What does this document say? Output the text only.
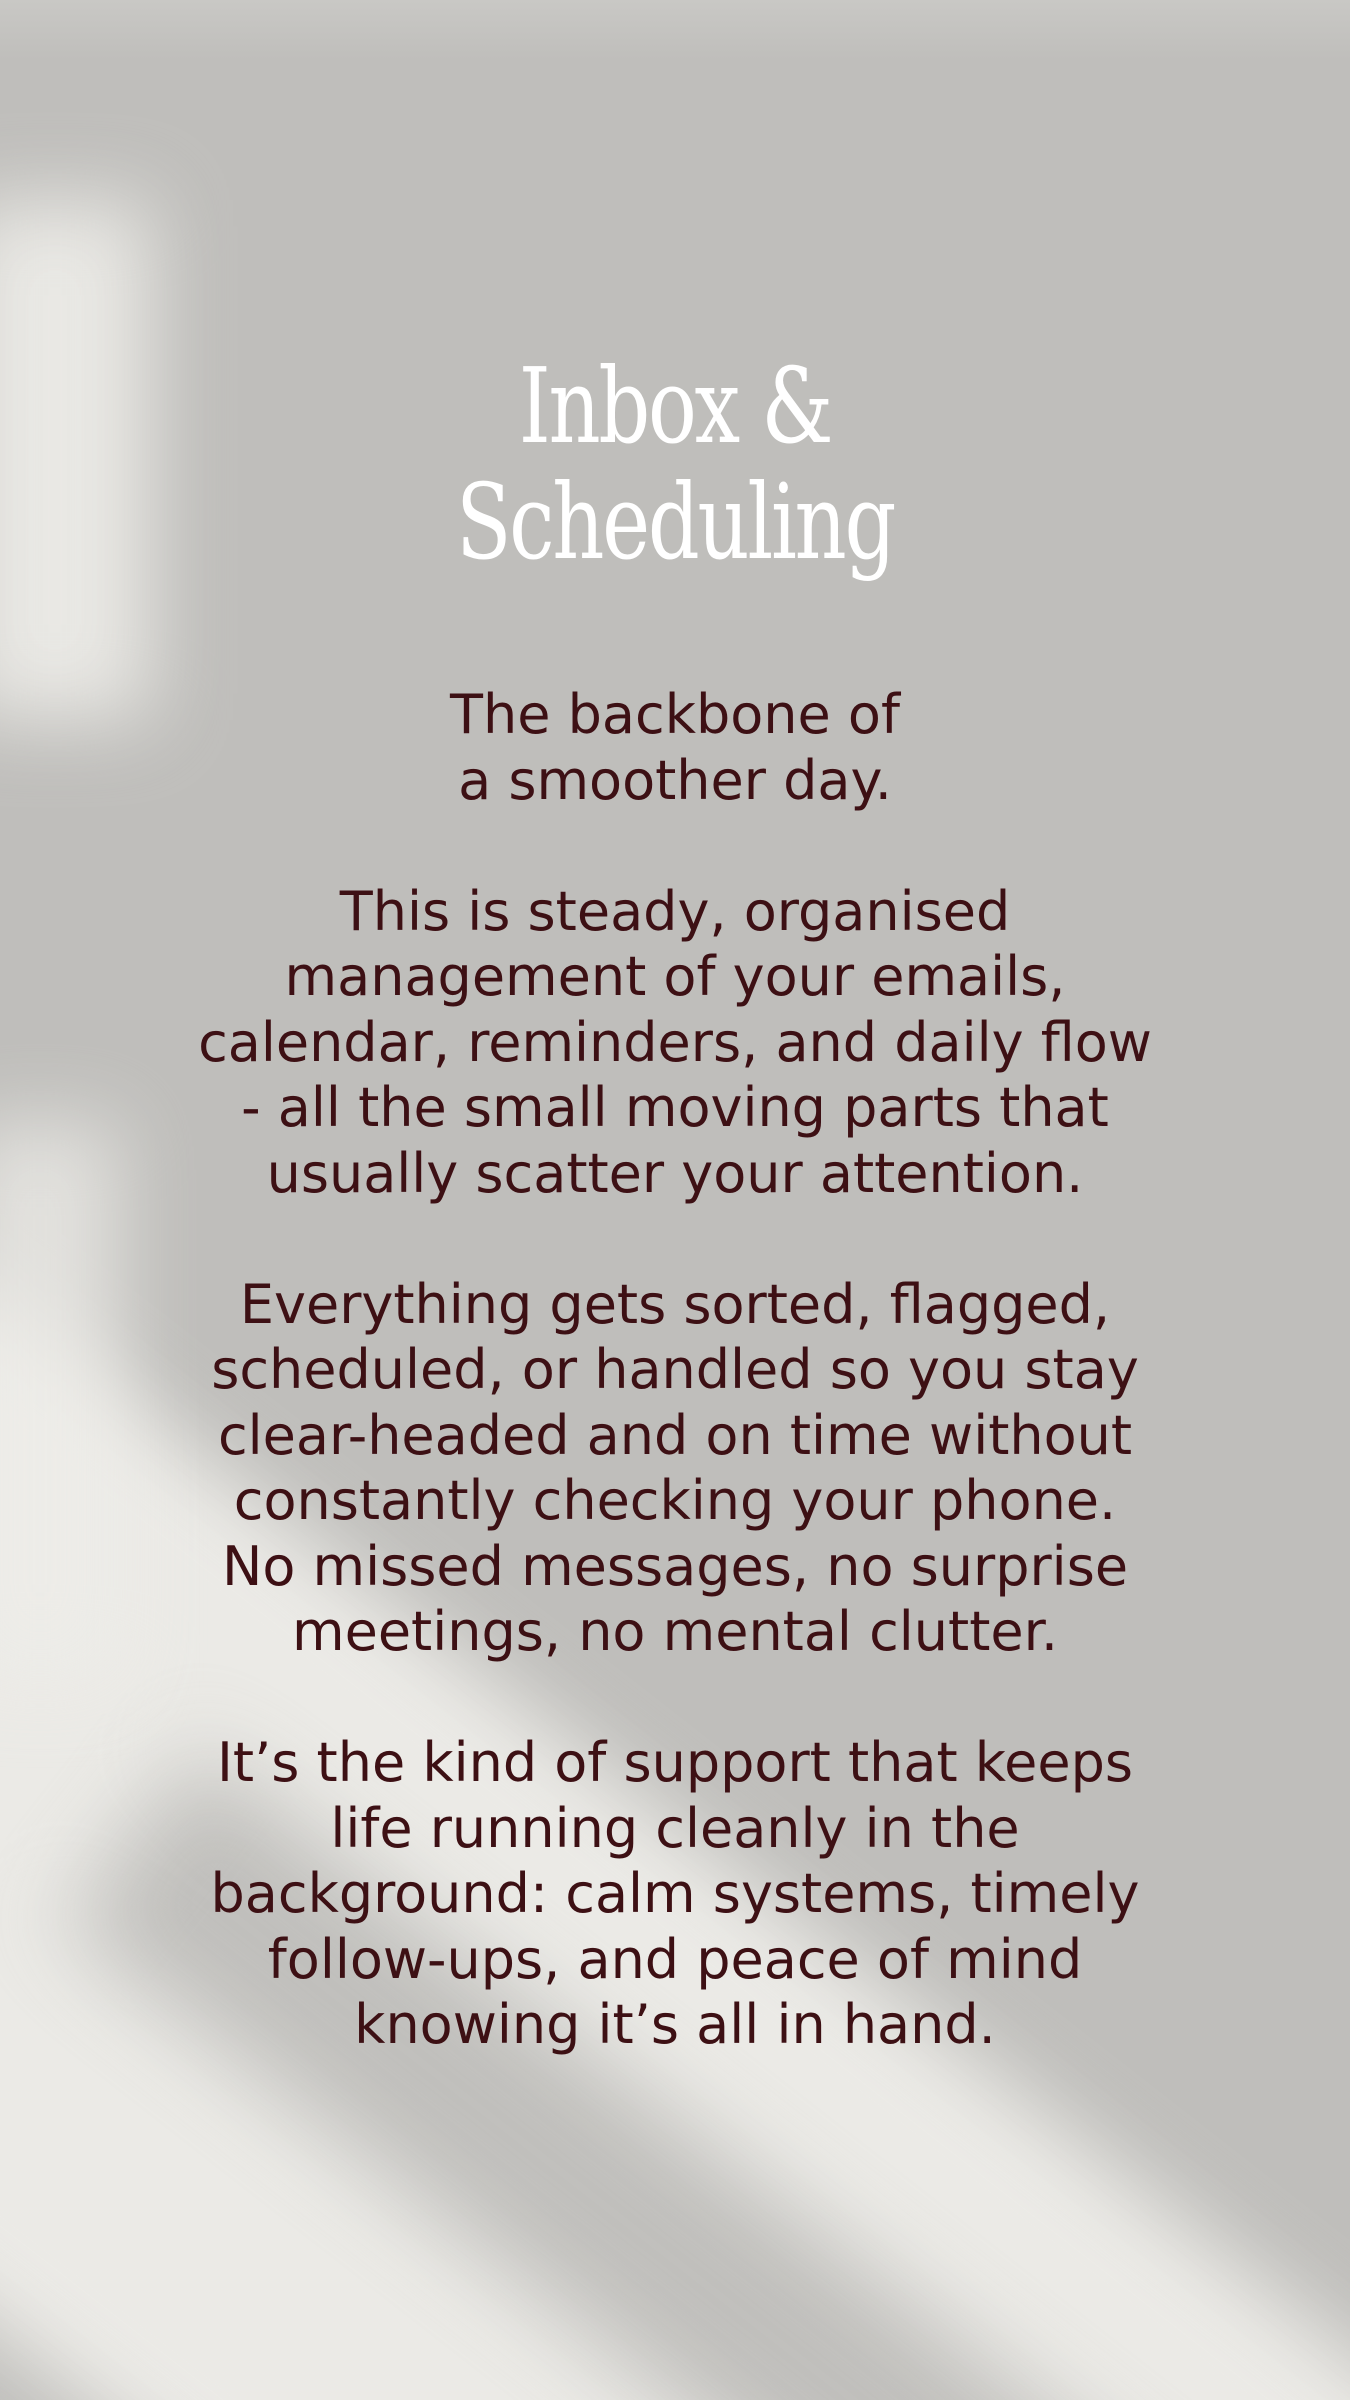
Inbox &
Scheduling

The backbone of
a smoother day.

This is steady, organised
management of your emails,
calendar, reminders, and daily flow
- all the small moving parts that
usually scatter your attention.

Everything gets sorted, flagged,
scheduled, or handled so you stay
clear-headed and on time without
constantly checking your phone.
No missed messages, no surprise
meetings, no mental clutter.

It’s the kind of support that keeps
life running cleanly in the
background: calm systems, timely
follow-ups, and peace of mind
knowing it’s all in hand.
